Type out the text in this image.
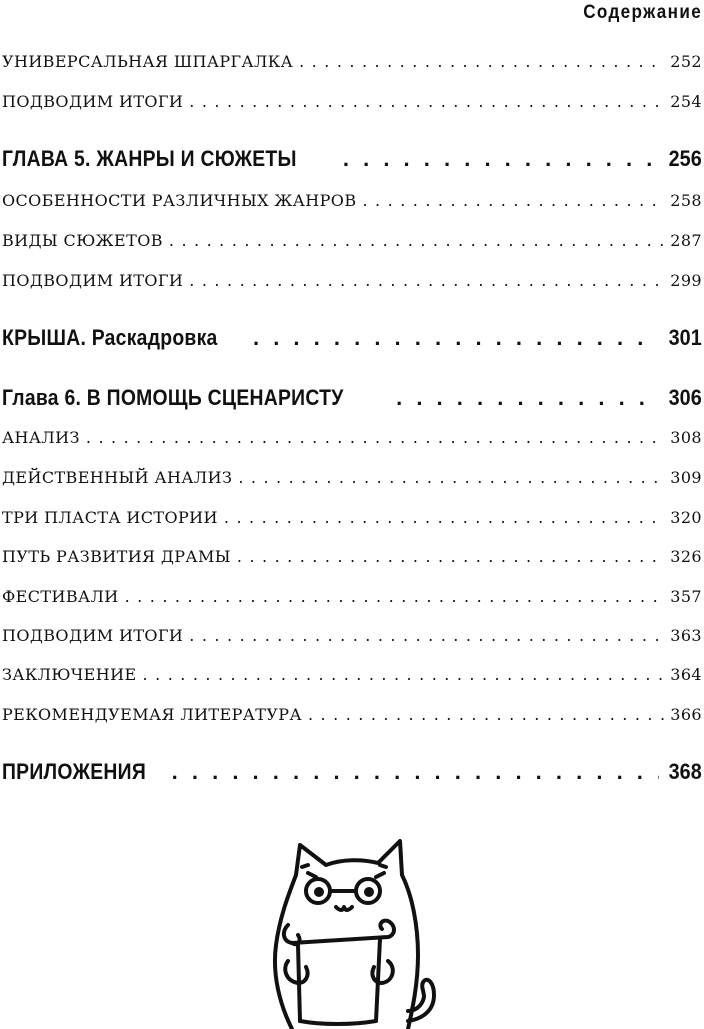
Содержание
УНИВЕРСАЛЬНАЯ ШПАРГАЛКА . . .	252
ПОДВОДИМ ИТОГИ . . .	254
ГЛАВА 5. ЖАНРЫ И СЮЖЕТЫ . . .	256
ОСОБЕННОСТИ РАЗЛИЧНЫХ ЖАНРОВ . . .	258
ВИДЫ СЮЖЕТОВ . . .	287
ПОДВОДИМ ИТОГИ . . .	299
КРЫША. Раскадровка . . .	301
Глава 6. В ПОМОЩЬ СЦЕНАРИСТУ . . .	306
АНАЛИЗ . . .	308
ДЕЙСТВЕННЫЙ АНАЛИЗ . . .	309
ТРИ ПЛАСТА ИСТОРИИ . . .	320
ПУТЬ РАЗВИТИЯ ДРАМЫ . . .	326
ФЕСТИВАЛИ . . .	357
ПОДВОДИМ ИТОГИ . . .	363
ЗАКЛЮЧЕНИЕ . . .	364
РЕКОМЕНДУЕМАЯ ЛИТЕРАТУРА . . .	366
ПРИЛОЖЕНИЯ . . .	368
